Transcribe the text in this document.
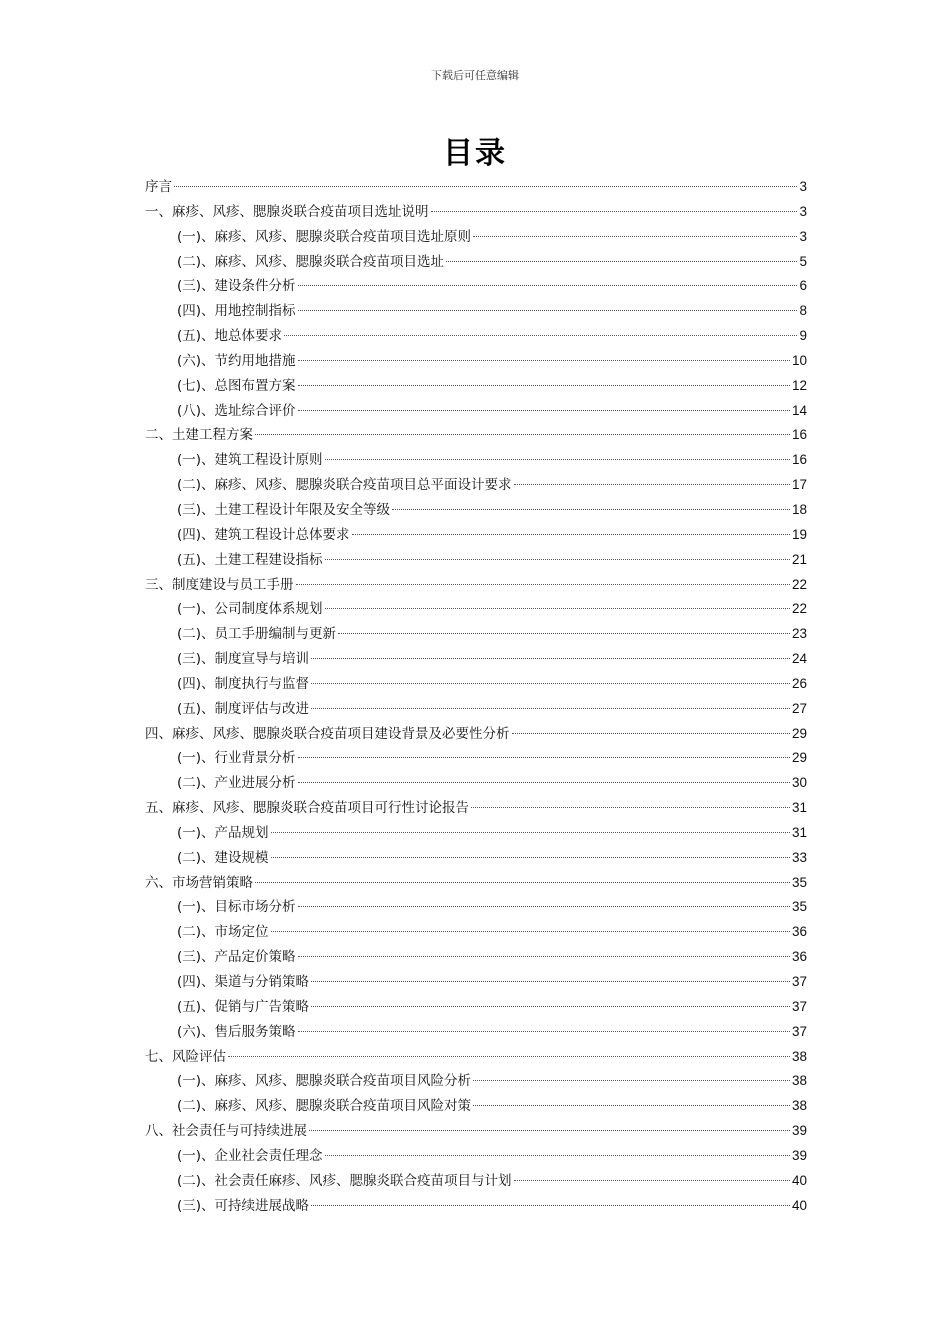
下载后可任意编辑
目录
序言	3
一、麻疹、风疹、腮腺炎联合疫苗项目选址说明	3
(一)、麻疹、风疹、腮腺炎联合疫苗项目选址原则	3
(二)、麻疹、风疹、腮腺炎联合疫苗项目选址	5
(三)、建设条件分析	6
(四)、用地控制指标	8
(五)、地总体要求	9
(六)、节约用地措施	10
(七)、总图布置方案	12
(八)、选址综合评价	14
二、土建工程方案	16
(一)、建筑工程设计原则	16
(二)、麻疹、风疹、腮腺炎联合疫苗项目总平面设计要求	17
(三)、土建工程设计年限及安全等级	18
(四)、建筑工程设计总体要求	19
(五)、土建工程建设指标	21
三、制度建设与员工手册	22
(一)、公司制度体系规划	22
(二)、员工手册编制与更新	23
(三)、制度宣导与培训	24
(四)、制度执行与监督	26
(五)、制度评估与改进	27
四、麻疹、风疹、腮腺炎联合疫苗项目建设背景及必要性分析	29
(一)、行业背景分析	29
(二)、产业进展分析	30
五、麻疹、风疹、腮腺炎联合疫苗项目可行性讨论报告	31
(一)、产品规划	31
(二)、建设规模	33
六、市场营销策略	35
(一)、目标市场分析	35
(二)、市场定位	36
(三)、产品定价策略	36
(四)、渠道与分销策略	37
(五)、促销与广告策略	37
(六)、售后服务策略	37
七、风险评估	38
(一)、麻疹、风疹、腮腺炎联合疫苗项目风险分析	38
(二)、麻疹、风疹、腮腺炎联合疫苗项目风险对策	38
八、社会责任与可持续进展	39
(一)、企业社会责任理念	39
(二)、社会责任麻疹、风疹、腮腺炎联合疫苗项目与计划	40
(三)、可持续进展战略	40
